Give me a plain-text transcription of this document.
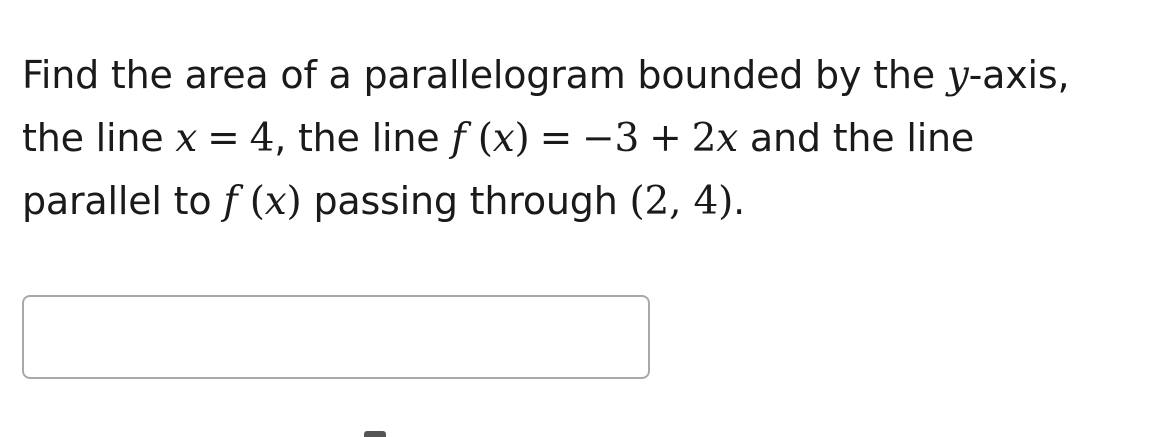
Find the area of a parallelogram bounded by the y-axis,
the line x = 4, the line f (x) = −3 + 2x and the line
parallel to f (x) passing through (2, 4).
